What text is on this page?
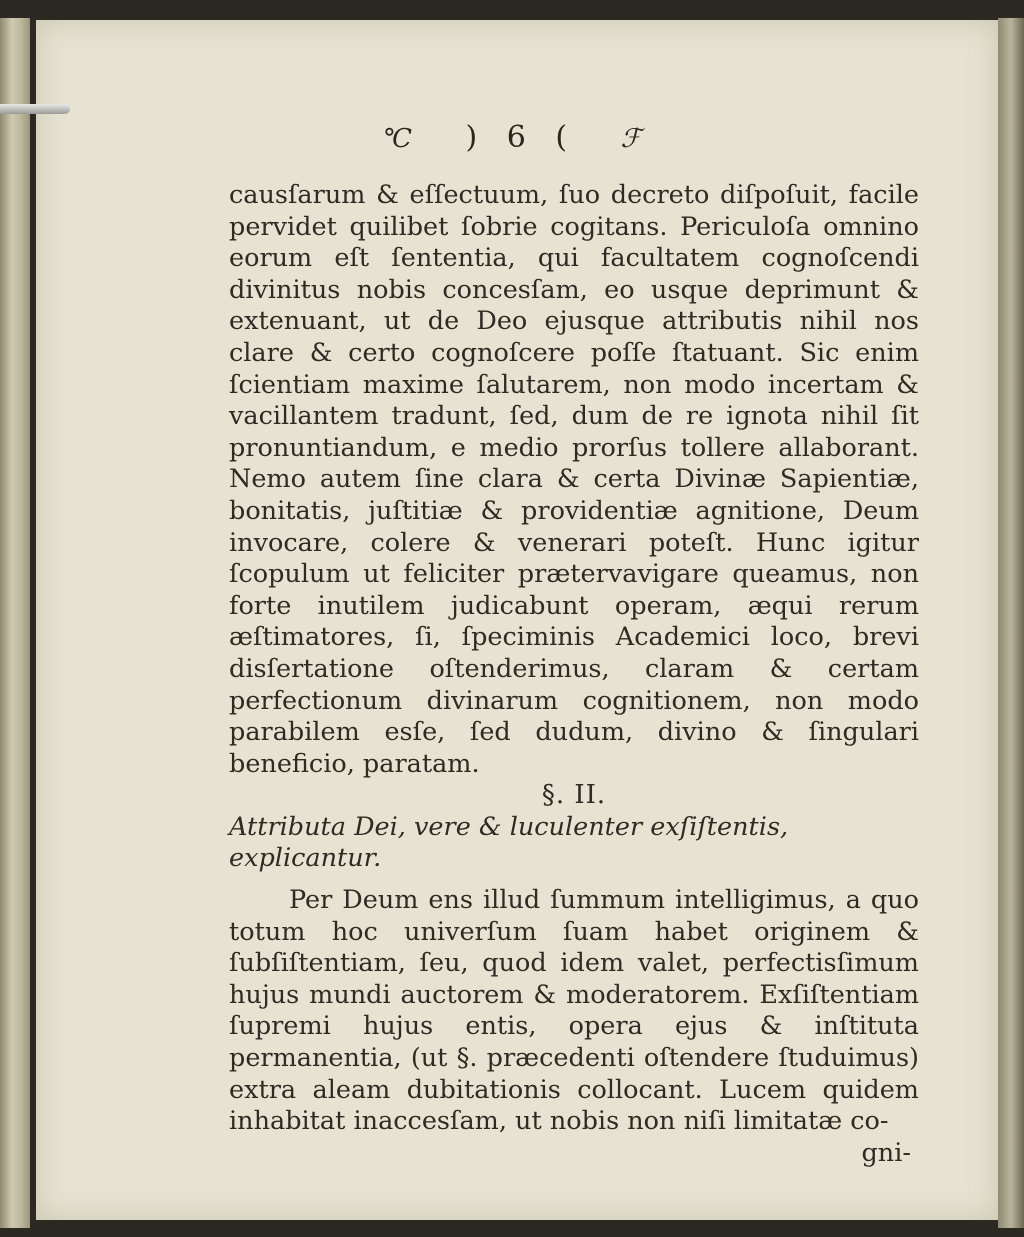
℃ ) 6 ( ℱ

causſarum & eſſectuum, ſuo decreto diſpoſuit, facile pervidet quilibet ſobrie cogitans. Periculoſa omnino eorum eſt ſententia, qui facultatem cognoſcendi divinitus nobis concesſam, eo usque deprimunt & extenuant, ut de Deo ejusque attributis nihil nos clare & certo cognoſcere poſſe ſtatuant. Sic enim ſcientiam maxime ſalutarem, non modo incertam & vacillantem tradunt, ſed, dum de re ignota nihil ſit pronuntiandum, e medio prorſus tollere allaborant. Nemo autem ſine clara & certa Divinæ Sapientiæ, bonitatis, juſtitiæ & providentiæ agnitione, Deum invocare, colere & venerari poteſt. Hunc igitur ſcopulum ut feliciter prætervavigare queamus, non forte inutilem judicabunt operam, æqui rerum æſtimatores, ſi, ſpeciminis Academici loco, brevi disſertatione oſtenderimus, claram & certam perfectionum divinarum cognitionem, non modo parabilem esſe, ſed dudum, divino & ſingulari beneficio, paratam.

§. II.

Attributa Dei, vere & luculenter exſiſtentis, explicantur.

Per Deum ens illud ſummum intelligimus, a quo totum hoc univerſum ſuam habet originem & ſubſiſtentiam, ſeu, quod idem valet, perfectisſimum hujus mundi auctorem & moderatorem. Exſiſtentiam ſupremi hujus entis, opera ejus & inſtituta permanentia, (ut §. præcedenti oſtendere ſtuduimus) extra aleam dubitationis collocant. Lucem quidem inhabitat inaccesſam, ut nobis non niſi limitatæ co-

gni-
